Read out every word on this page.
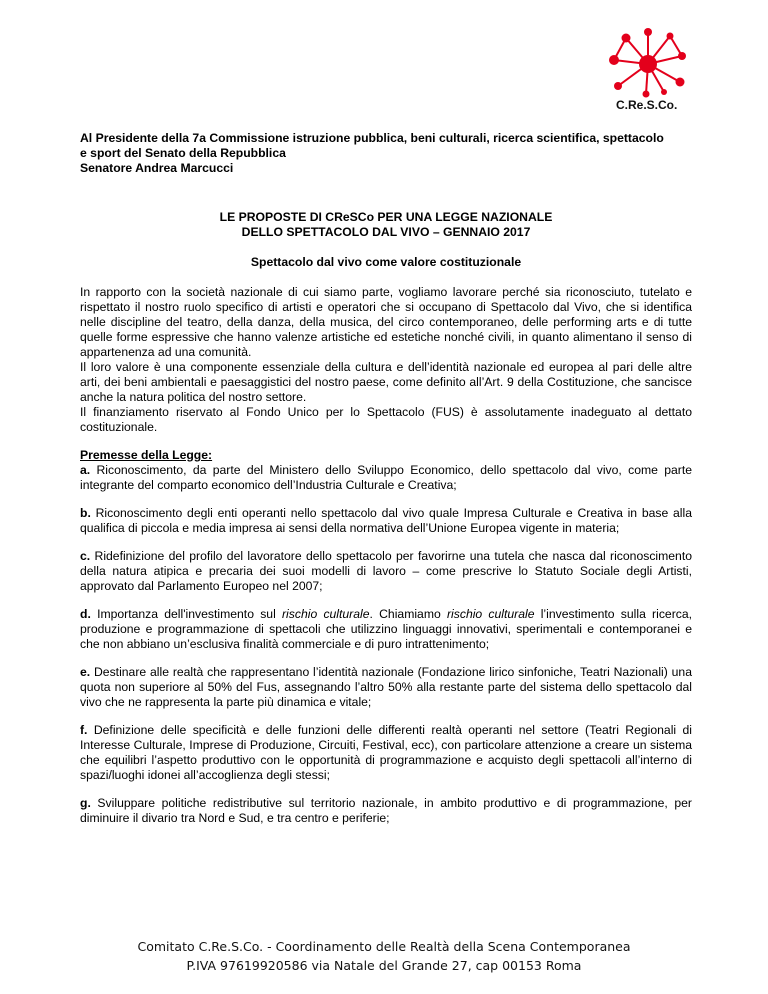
C.Re.S.Co.

Al Presidente della 7a Commissione istruzione pubblica, beni culturali, ricerca scientifica, spettacolo
e sport del Senato della Repubblica
Senatore Andrea Marcucci

LE PROPOSTE DI CReSCo PER UNA LEGGE NAZIONALE
DELLO SPETTACOLO DAL VIVO – GENNAIO 2017

Spettacolo dal vivo come valore costituzionale

In rapporto con la società nazionale di cui siamo parte, vogliamo lavorare perché sia riconosciuto, tutelato e rispettato il nostro ruolo specifico di artisti e operatori che si occupano di Spettacolo dal Vivo, che si identifica nelle discipline del teatro, della danza, della musica, del circo contemporaneo, delle performing arts e di tutte quelle forme espressive che hanno valenze artistiche ed estetiche nonché civili, in quanto alimentano il senso di appartenenza ad una comunità.

Il loro valore è una componente essenziale della cultura e dell’identità nazionale ed europea al pari delle altre arti, dei beni ambientali e paesaggistici del nostro paese, come definito all’Art. 9 della Costituzione, che sancisce anche la natura politica del nostro settore.

Il finanziamento riservato al Fondo Unico per lo Spettacolo (FUS) è assolutamente inadeguato al dettato costituzionale.

Premesse della Legge:

a. Riconoscimento, da parte del Ministero dello Sviluppo Economico, dello spettacolo dal vivo, come parte integrante del comparto economico dell’Industria Culturale e Creativa;

b. Riconoscimento degli enti operanti nello spettacolo dal vivo quale Impresa Culturale e Creativa in base alla qualifica di piccola e media impresa ai sensi della normativa dell’Unione Europea vigente in materia;

c. Ridefinizione del profilo del lavoratore dello spettacolo per favorirne una tutela che nasca dal riconoscimento della natura atipica e precaria dei suoi modelli di lavoro – come prescrive lo Statuto Sociale degli Artisti, approvato dal Parlamento Europeo nel 2007;

d. Importanza dell'investimento sul rischio culturale. Chiamiamo rischio culturale l’investimento sulla ricerca, produzione e programmazione di spettacoli che utilizzino linguaggi innovativi, sperimentali e contemporanei e che non abbiano un’esclusiva finalità commerciale e di puro intrattenimento;

e. Destinare alle realtà che rappresentano l’identità nazionale (Fondazione lirico sinfoniche, Teatri Nazionali) una quota non superiore al 50% del Fus, assegnando l’altro 50% alla restante parte del sistema dello spettacolo dal vivo che ne rappresenta la parte più dinamica e vitale;

f. Definizione delle specificità e delle funzioni delle differenti realtà operanti nel settore (Teatri Regionali di Interesse Culturale, Imprese di Produzione, Circuiti, Festival, ecc), con particolare attenzione a creare un sistema che equilibri l’aspetto produttivo con le opportunità di programmazione e acquisto degli spettacoli all’interno di spazi/luoghi idonei all’accoglienza degli stessi;

g. Sviluppare politiche redistributive sul territorio nazionale, in ambito produttivo e di programmazione, per diminuire il divario tra Nord e Sud, e tra centro e periferie;

Comitato C.Re.S.Co. - Coordinamento delle Realtà della Scena Contemporanea
P.IVA 97619920586 via Natale del Grande 27, cap 00153 Roma
